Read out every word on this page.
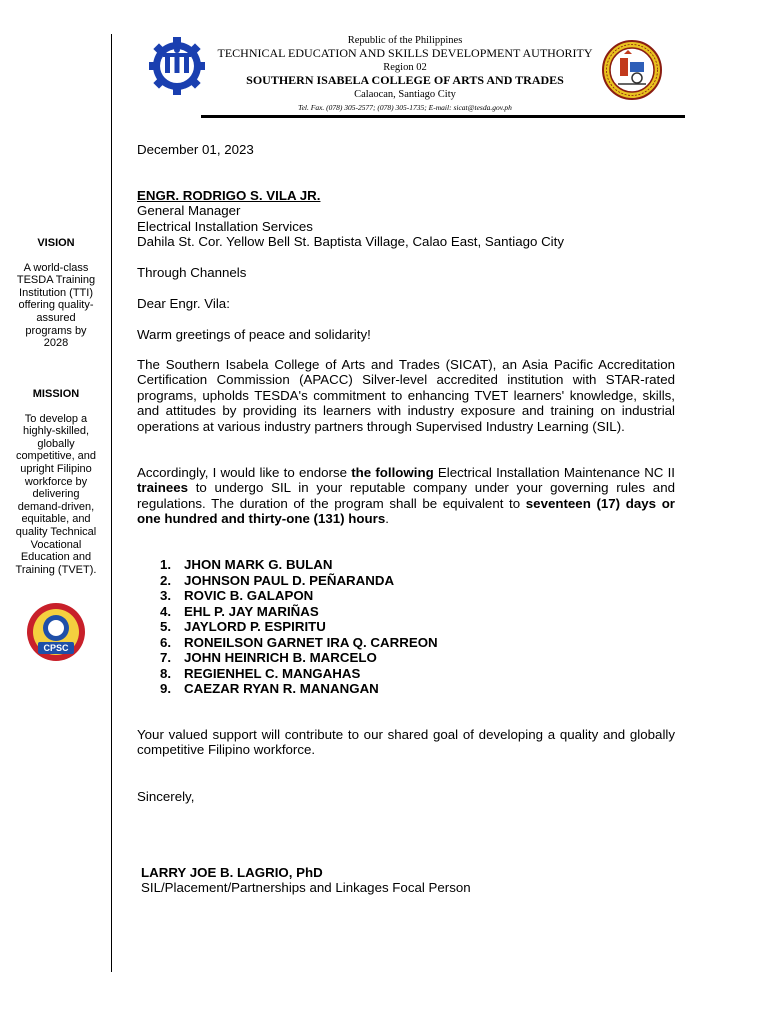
Republic of the Philippines
TECHNICAL EDUCATION AND SKILLS DEVELOPMENT AUTHORITY
Region 02
SOUTHERN ISABELA COLLEGE OF ARTS AND TRADES
Calaocan, Santiago City
Tel. Fax. (078) 305-2577; (078) 305-1735; E-mail: sicat@tesda.gov.ph
VISION
A world-class TESDA Training Institution (TTI) offering quality-assured programs by 2028
MISSION
To develop a highly-skilled, globally competitive, and upright Filipino workforce by delivering demand-driven, equitable, and quality Technical Vocational Education and Training (TVET).
CPSC
December 01, 2023
ENGR. RODRIGO S. VILA JR.
General Manager
Electrical Installation Services
Dahila St. Cor. Yellow Bell St. Baptista Village, Calao East, Santiago City
Through Channels
Dear Engr. Vila:
Warm greetings of peace and solidarity!
The Southern Isabela College of Arts and Trades (SICAT), an Asia Pacific Accreditation Certification Commission (APACC) Silver-level accredited institution with STAR-rated programs, upholds TESDA's commitment to enhancing TVET learners' knowledge, skills, and attitudes by providing its learners with industry exposure and training on industrial operations at various industry partners through Supervised Industry Learning (SIL).
Accordingly, I would like to endorse the following Electrical Installation Maintenance NC II trainees to undergo SIL in your reputable company under your governing rules and regulations. The duration of the program shall be equivalent to seventeen (17) days or one hundred and thirty-one (131) hours.
1. JHON MARK G. BULAN
2. JOHNSON PAUL D. PEÑARANDA
3. ROVIC B. GALAPON
4. EHL P. JAY MARIÑAS
5. JAYLORD P. ESPIRITU
6. RONEILSON GARNET IRA Q. CARREON
7. JOHN HEINRICH B. MARCELO
8. REGIENHEL C. MANGAHAS
9. CAEZAR RYAN R. MANANGAN
Your valued support will contribute to our shared goal of developing a quality and globally competitive Filipino workforce.
Sincerely,
LARRY JOE B. LAGRIO, PhD
SIL/Placement/Partnerships and Linkages Focal Person
